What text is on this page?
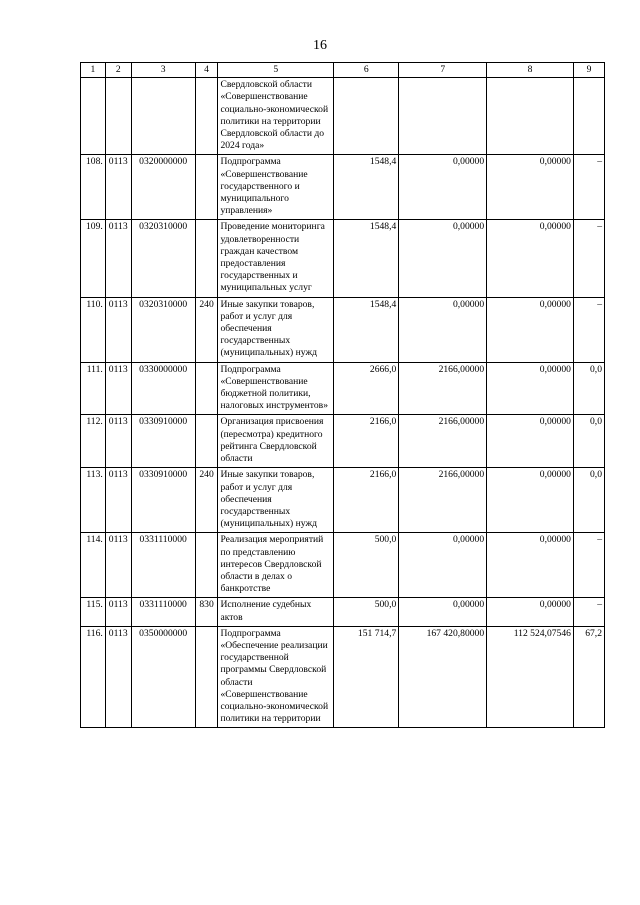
16
1	2	3	4	5	6	7	8	9
				Свердловской области «Совершенствование социально-экономической политики на территории Свердловской области до 2024 года»				
108.	0113	0320000000		Подпрограмма «Совершенствование государственного и муниципального управления»	1548,4	0,00000	0,00000	–
109.	0113	0320310000		Проведение мониторинга удовлетворенности граждан качеством предоставления государственных и муниципальных услуг	1548,4	0,00000	0,00000	–
110.	0113	0320310000	240	Иные закупки товаров, работ и услуг для обеспечения государственных (муниципальных) нужд	1548,4	0,00000	0,00000	–
111.	0113	0330000000		Подпрограмма «Совершенствование бюджетной политики, налоговых инструментов»	2666,0	2166,00000	0,00000	0,0
112.	0113	0330910000		Организация присвоения (пересмотра) кредитного рейтинга Свердловской области	2166,0	2166,00000	0,00000	0,0
113.	0113	0330910000	240	Иные закупки товаров, работ и услуг для обеспечения государственных (муниципальных) нужд	2166,0	2166,00000	0,00000	0,0
114.	0113	0331110000		Реализация мероприятий по представлению интересов Свердловской области в делах о банкротстве	500,0	0,00000	0,00000	–
115.	0113	0331110000	830	Исполнение судебных актов	500,0	0,00000	0,00000	–
116.	0113	0350000000		Подпрограмма «Обеспечение реализации государственной программы Свердловской области «Совершенствование социально-экономической политики на территории	151 714,7	167 420,80000	112 524,07546	67,2
